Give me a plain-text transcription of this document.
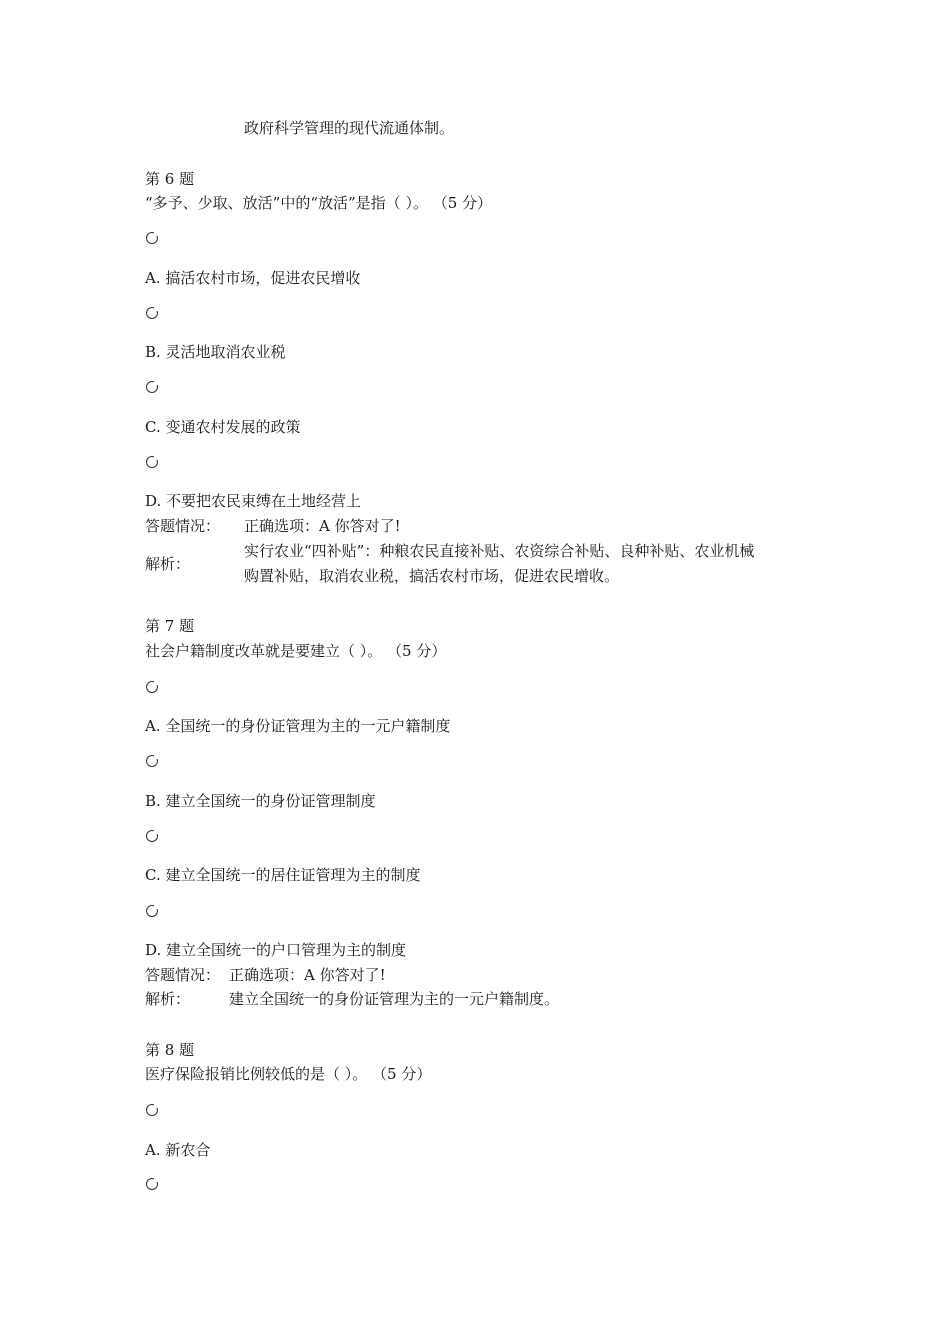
政府科学管理的现代流通体制。
第 6 题
“多予、少取、放活”中的“放活”是指（ ）。 （5 分）
A. 搞活农村市场，促进农民增收
B. 灵活地取消农业税
C. 变通农村发展的政策
D. 不要把农民束缚在土地经营上
答题情况： 正确选项：A 你答对了!
解析：
实行农业“四补贴”：种粮农民直接补贴、农资综合补贴、良种补贴、农业机械
购置补贴，取消农业税，搞活农村市场，促进农民增收。
第 7 题
社会户籍制度改革就是要建立（ ）。 （5 分）
A. 全国统一的身份证管理为主的一元户籍制度
B. 建立全国统一的身份证管理制度
C. 建立全国统一的居住证管理为主的制度
D. 建立全国统一的户口管理为主的制度
答题情况： 正确选项：A 你答对了!
解析：	建立全国统一的身份证管理为主的一元户籍制度。
第 8 题
医疗保险报销比例较低的是（ ）。 （5 分）
A. 新农合
